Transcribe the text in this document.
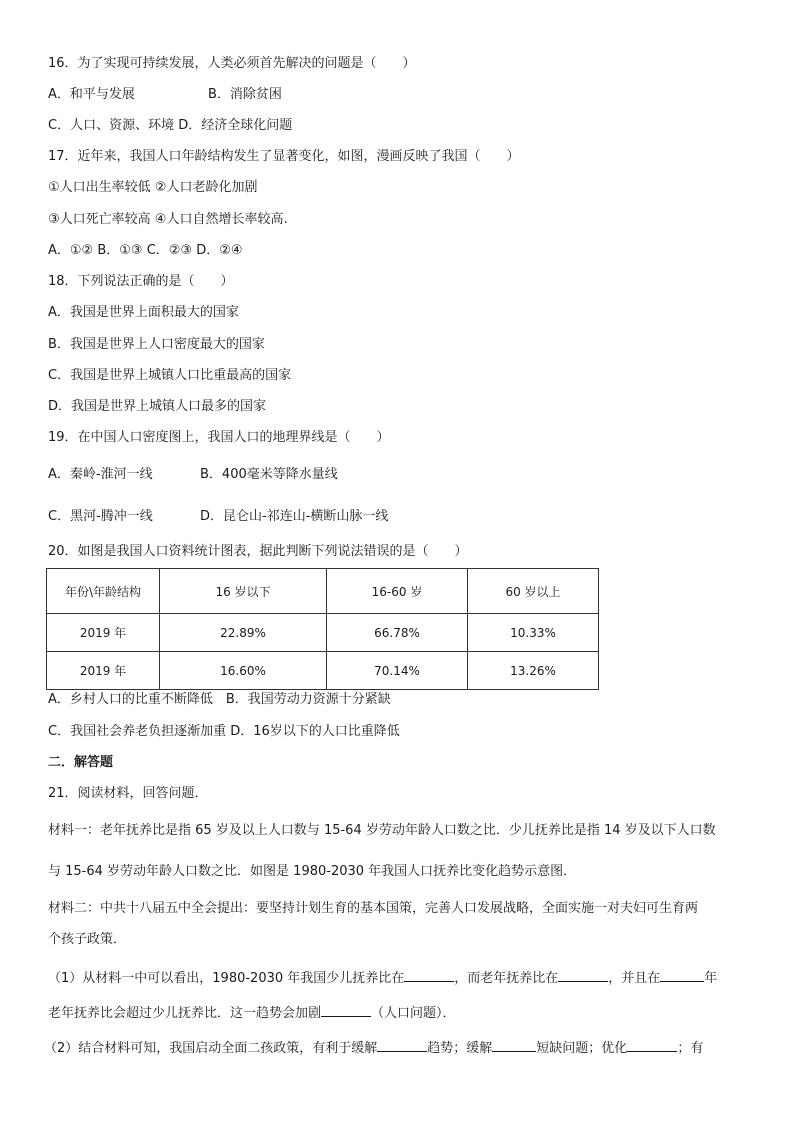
16．为了实现可持续发展，人类必须首先解决的问题是（　　）
A．和平与发展	B．消除贫困
C．人口、资源、环境 D．经济全球化问题
17．近年来，我国人口年龄结构发生了显著变化，如图，漫画反映了我国（　　）
①人口出生率较低 ②人口老龄化加剧
③人口死亡率较高 ④人口自然增长率较高.
A．①② B．①③ C．②③ D．②④
18．下列说法正确的是（　　）
A．我国是世界上面积最大的国家
B．我国是世界上人口密度最大的国家
C．我国是世界上城镇人口比重最高的国家
D．我国是世界上城镇人口最多的国家
19．在中国人口密度图上，我国人口的地理界线是（　　）
A．秦岭-淮河一线	B．400毫米等降水量线
C．黑河-腾冲一线	D．昆仑山-祁连山-横断山脉一线
20．如图是我国人口资料统计图表，据此判断下列说法错误的是（　　）
年份\年龄结构	16 岁以下	16-60 岁	60 岁以上
2019 年	22.89%	66.78%	10.33%
2019 年	16.60%	70.14%	13.26%
A．乡村人口的比重不断降低　B．我国劳动力资源十分紧缺
C．我国社会养老负担逐渐加重 D．16岁以下的人口比重降低
二．解答题
21．阅读材料，回答问题．
材料一：老年抚养比是指 65 岁及以上人口数与 15-64 岁劳动年龄人口数之比．少儿抚养比是指 14 岁及以下人口数
与 15-64 岁劳动年龄人口数之比．如图是 1980-2030 年我国人口抚养比变化趋势示意图．
材料二：中共十八届五中全会提出：要坚持计划生育的基本国策，完善人口发展战略，全面实施一对夫妇可生育两
个孩子政策．
（1）从材料一中可以看出，1980-2030 年我国少儿抚养比在	，而老年抚养比在	，并且在	年
老年抚养比会超过少儿抚养比．这一趋势会加剧	（人口问题）．
（2）结合材料可知，我国启动全面二孩政策，有利于缓解	趋势；缓解	短缺问题；优化	；有
